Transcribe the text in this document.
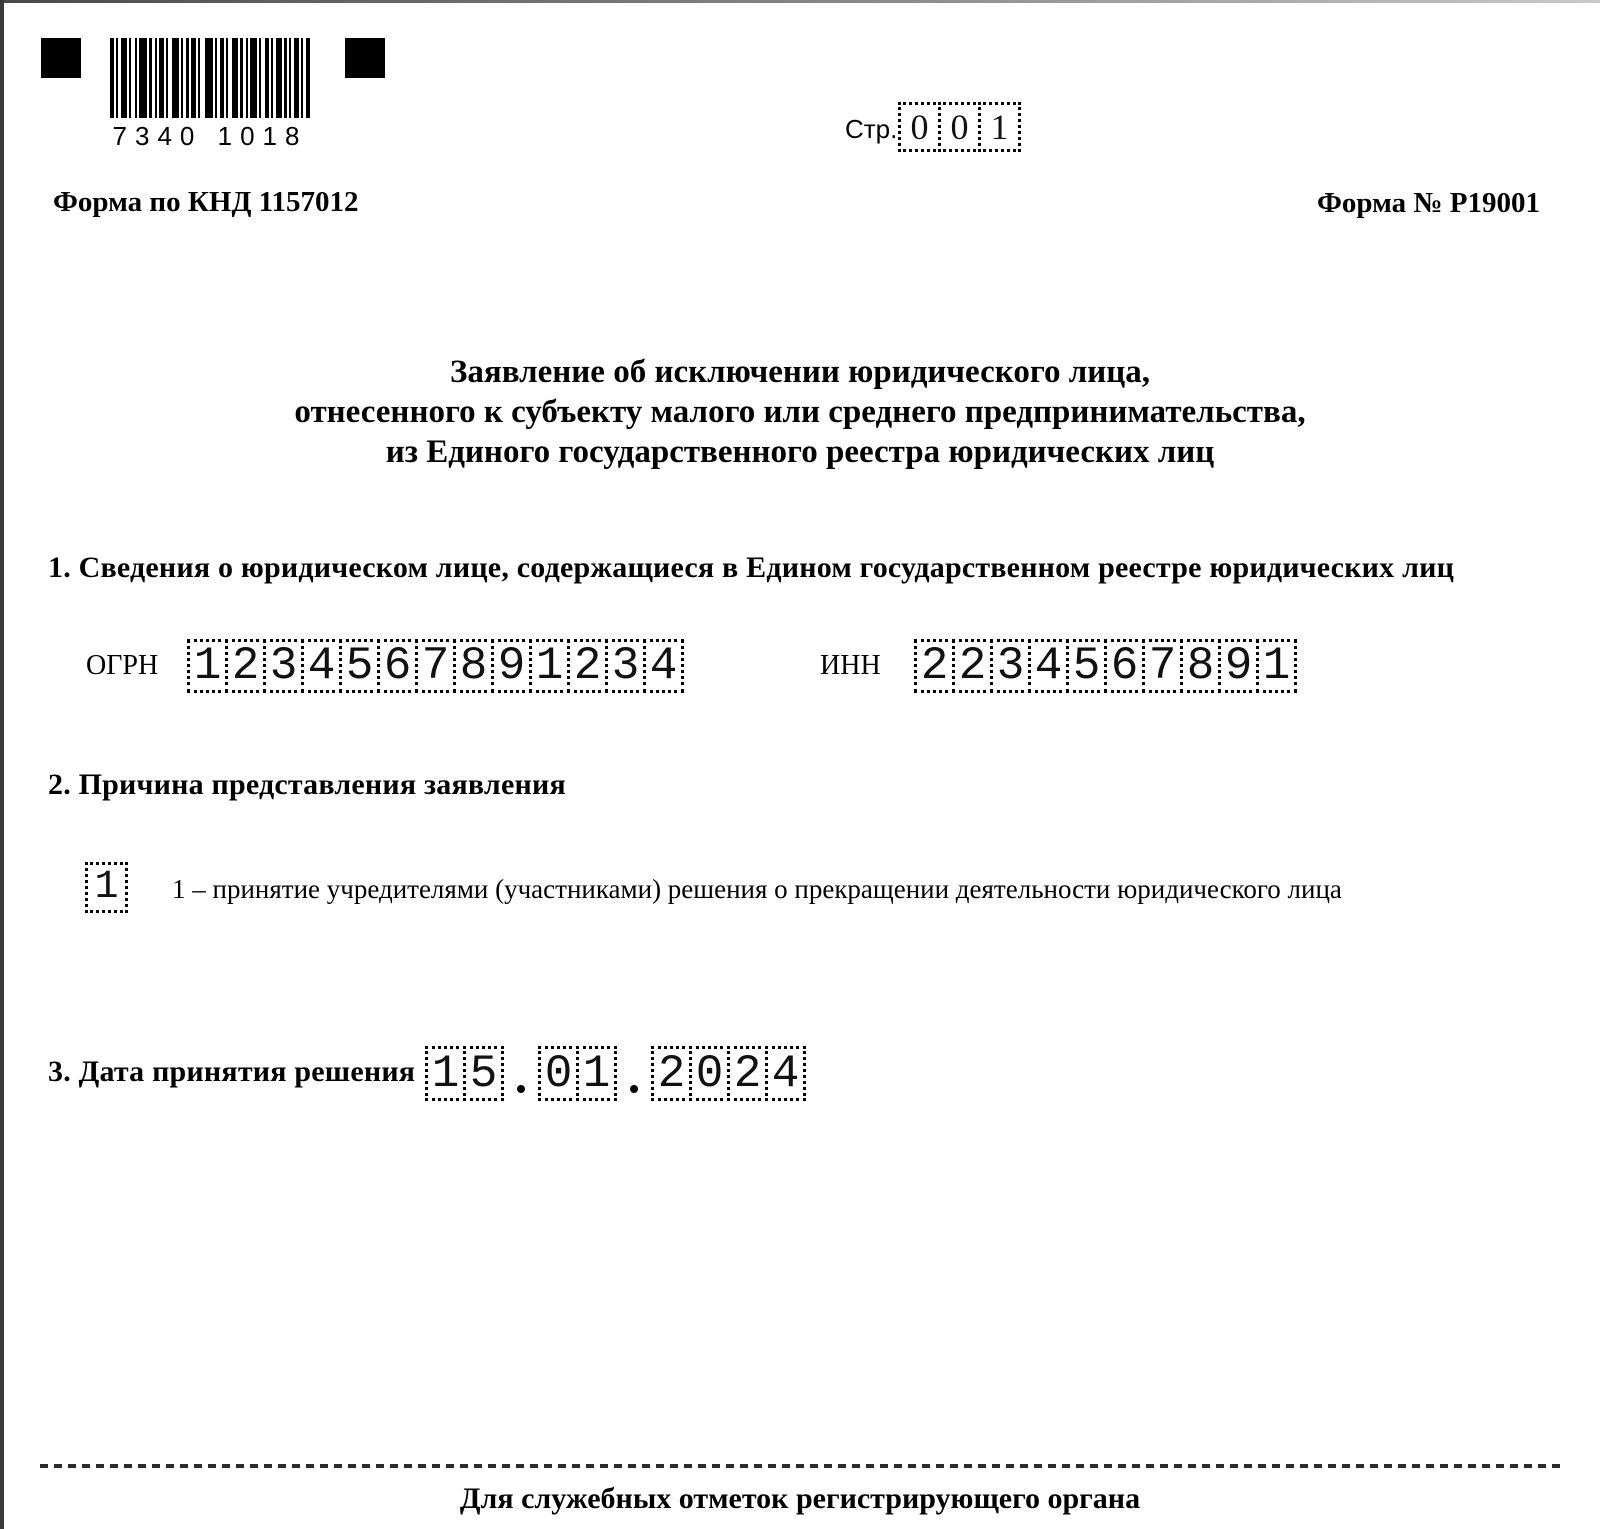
7340 1018
Форма по КНД 1157012
Стр. 0 0 1
Форма № Р19001
Заявление об исключении юридического лица,
отнесенного к субъекту малого или среднего предпринимательства,
из Единого государственного реестра юридических лиц
1. Сведения о юридическом лице, содержащиеся в Едином государственном реестре юридических лиц
ОГРН 1 2 3 4 5 6 7 8 9 1 2 3 4	ИНН 2 2 3 4 5 6 7 8 9 1
2. Причина представления заявления
1	1 – принятие учредителями (участниками) решения о прекращении деятельности юридического лица
3. Дата принятия решения 1 5 0 1 2 0 2 4
Для служебных отметок регистрирующего органа
